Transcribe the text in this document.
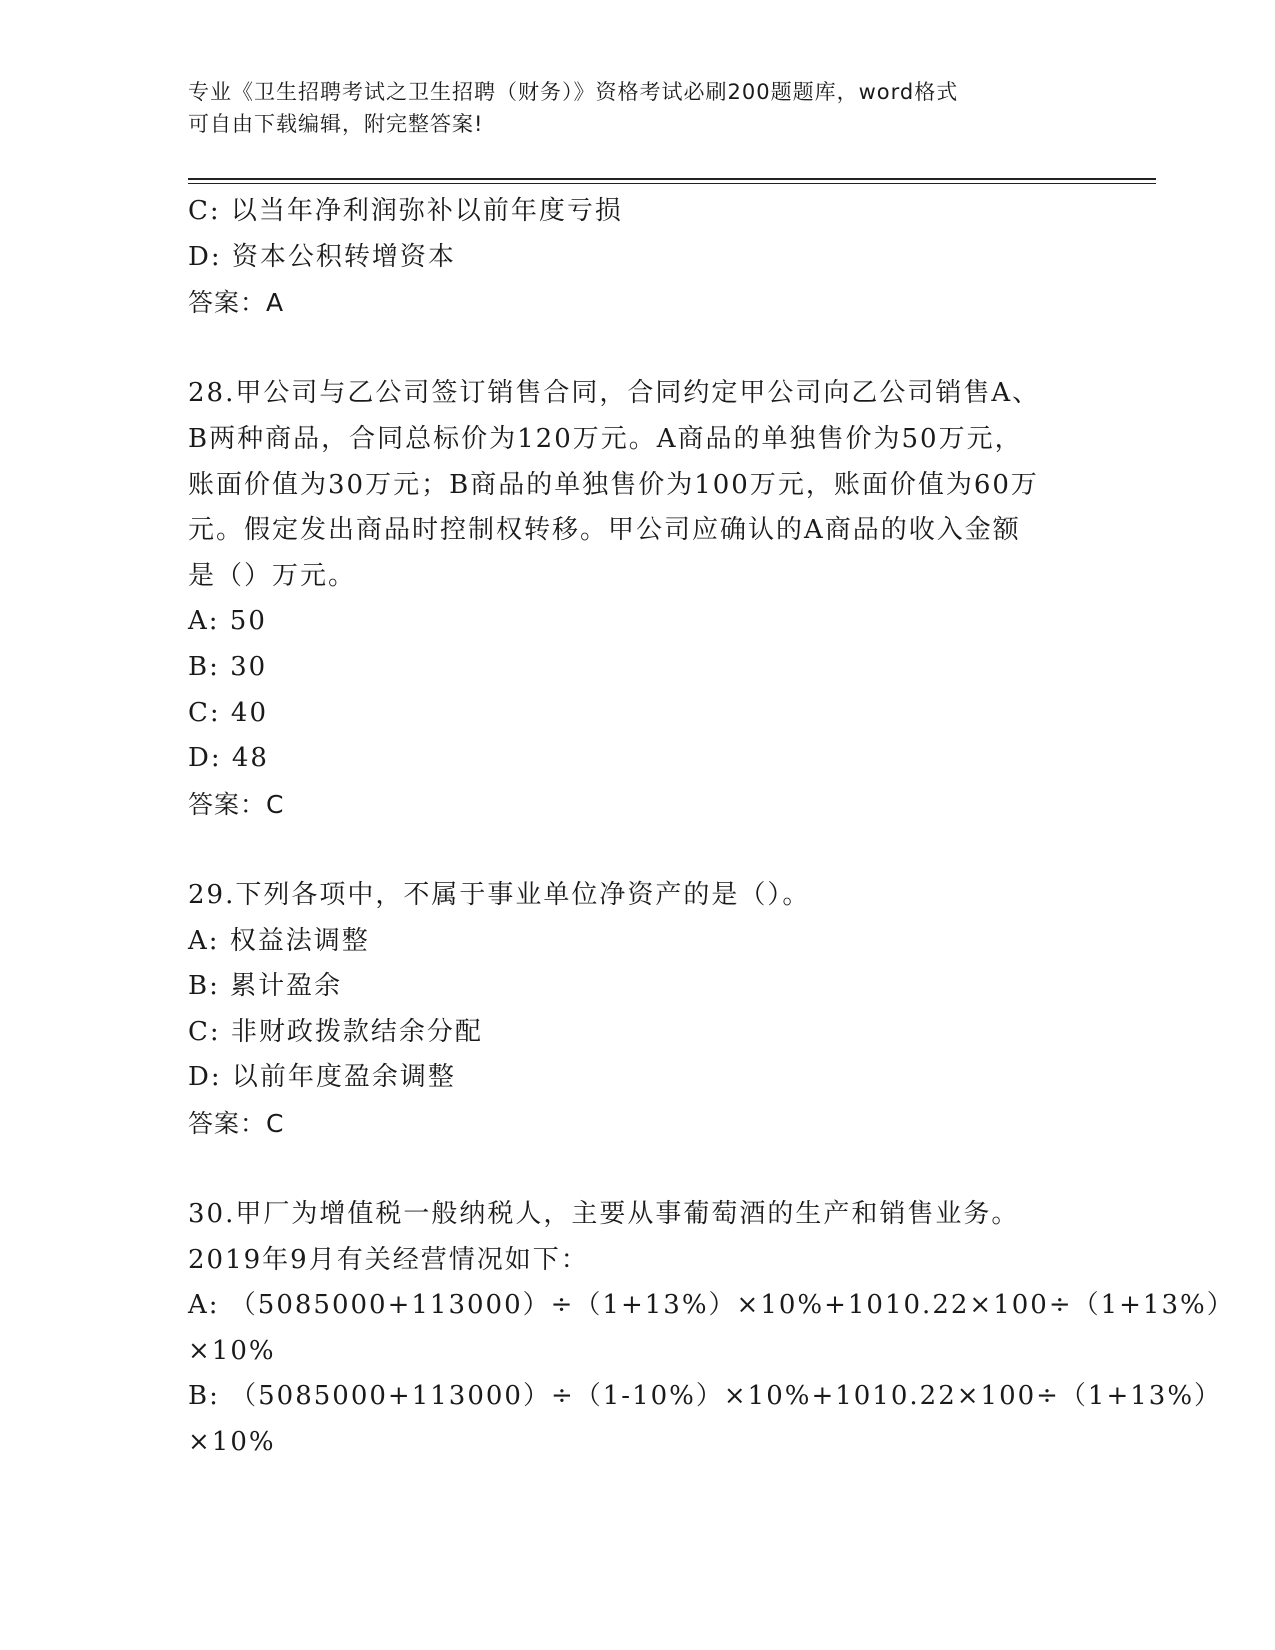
专业《卫生招聘考试之卫生招聘（财务）》资格考试必刷200题题库，word格式
可自由下载编辑，附完整答案!
C: 以当年净利润弥补以前年度亏损
D: 资本公积转增资本
答案：A
28.甲公司与乙公司签订销售合同，合同约定甲公司向乙公司销售A、
B两种商品，合同总标价为120万元。A商品的单独售价为50万元，
账面价值为30万元；B商品的单独售价为100万元，账面价值为60万
元。假定发出商品时控制权转移。甲公司应确认的A商品的收入金额
是（）万元。
A: 50
B: 30
C: 40
D: 48
答案：C
29.下列各项中，不属于事业单位净资产的是（）。
A: 权益法调整
B: 累计盈余
C: 非财政拨款结余分配
D: 以前年度盈余调整
答案：C
30.甲厂为增值税一般纳税人，主要从事葡萄酒的生产和销售业务。
2019年9月有关经营情况如下：
A: （5085000+113000）÷（1+13%）×10%+1010.22×100÷（1+13%）
×10%
B: （5085000+113000）÷（1-10%）×10%+1010.22×100÷（1+13%）
×10%
